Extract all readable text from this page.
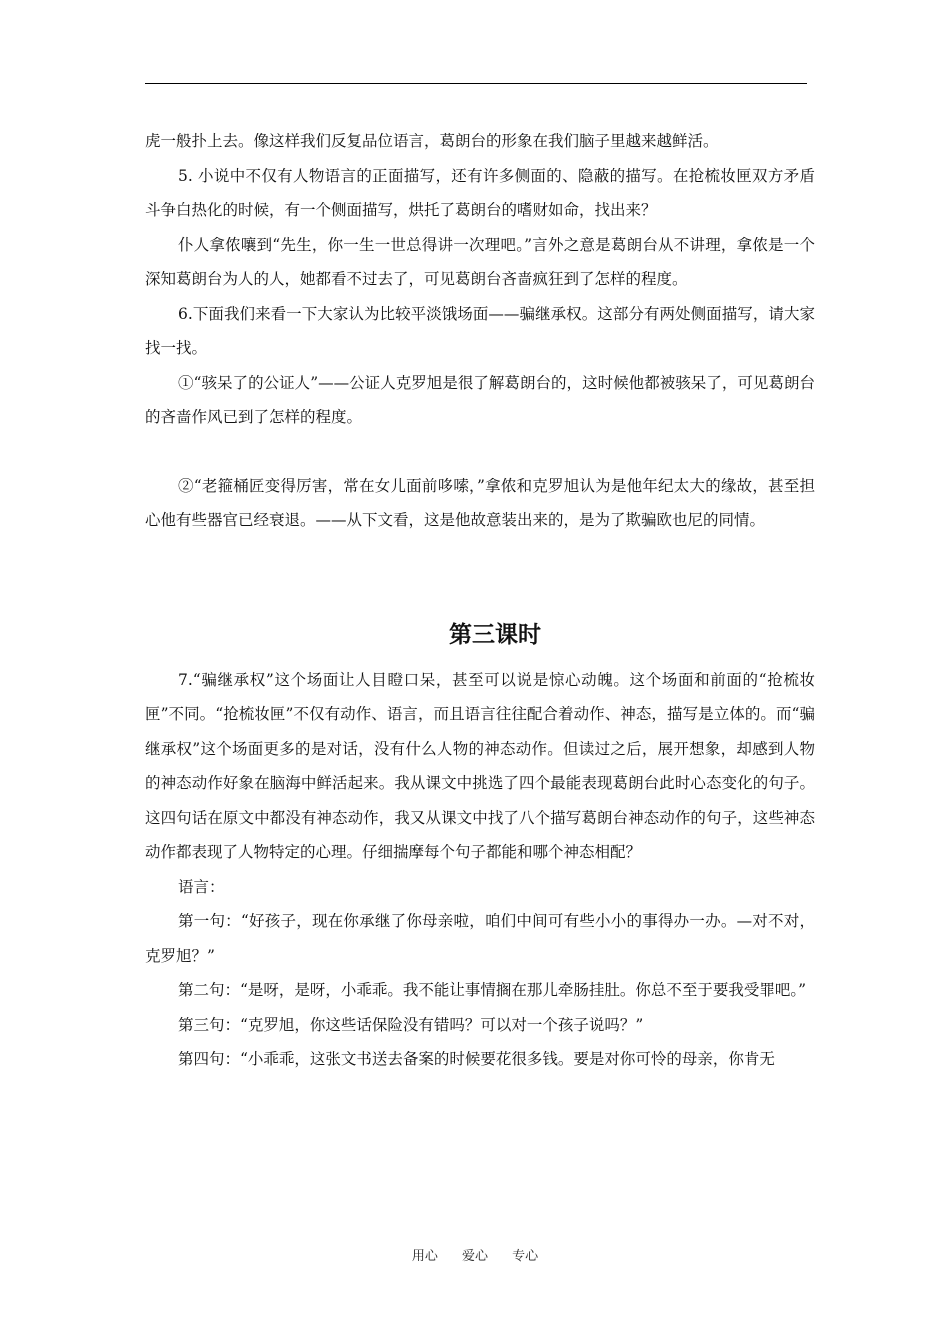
虎一般扑上去。像这样我们反复品位语言，葛朗台的形象在我们脑子里越来越鲜活。

5. 小说中不仅有人物语言的正面描写，还有许多侧面的、隐蔽的描写。在抢梳妆匣双方矛盾斗争白热化的时候，有一个侧面描写，烘托了葛朗台的嗜财如命，找出来？

仆人拿侬嚷到“先生，你一生一世总得讲一次理吧。”言外之意是葛朗台从不讲理，拿侬是一个深知葛朗台为人的人，她都看不过去了，可见葛朗台吝啬疯狂到了怎样的程度。

6.下面我们来看一下大家认为比较平淡饿场面——骗继承权。这部分有两处侧面描写，请大家找一找。

①“骇呆了的公证人”——公证人克罗旭是很了解葛朗台的，这时候他都被骇呆了，可见葛朗台的吝啬作风已到了怎样的程度。

②“老箍桶匠变得厉害，常在女儿面前哆嗦，”拿侬和克罗旭认为是他年纪太大的缘故，甚至担心他有些器官已经衰退。——从下文看，这是他故意装出来的，是为了欺骗欧也尼的同情。

第三课时

7.“骗继承权”这个场面让人目瞪口呆，甚至可以说是惊心动魄。这个场面和前面的“抢梳妆匣”不同。“抢梳妆匣”不仅有动作、语言，而且语言往往配合着动作、神态，描写是立体的。而“骗继承权”这个场面更多的是对话，没有什么人物的神态动作。但读过之后，展开想象，却感到人物的神态动作好象在脑海中鲜活起来。我从课文中挑选了四个最能表现葛朗台此时心态变化的句子。这四句话在原文中都没有神态动作，我又从课文中找了八个描写葛朗台神态动作的句子，这些神态动作都表现了人物特定的心理。仔细揣摩每个句子都能和哪个神态相配？

语言：

第一句：“好孩子，现在你承继了你母亲啦，咱们中间可有些小小的事得办一办。—对不对，克罗旭？”

第二句：“是呀，是呀，小乖乖。我不能让事情搁在那儿牵肠挂肚。你总不至于要我受罪吧。”

第三句：“克罗旭，你这些话保险没有错吗？可以对一个孩子说吗？”

第四句：“小乖乖，这张文书送去备案的时候要花很多钱。要是对你可怜的母亲，你肯无

用心 爱心 专心
